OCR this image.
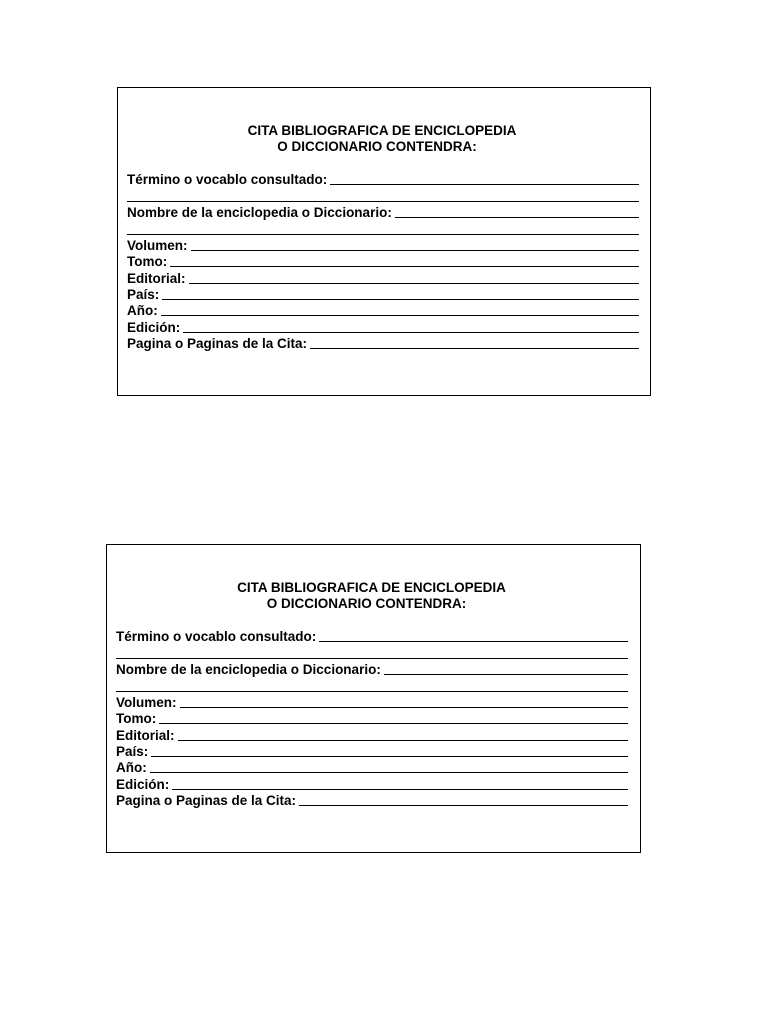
CITA BIBLIOGRAFICA DE ENCICLOPEDIA
O DICCIONARIO CONTENDRA:
Término o vocablo consultado:
Nombre de la enciclopedia o Diccionario:
Volumen:
Tomo:
Editorial:
País:
Año:
Edición:
Pagina o Paginas de la Cita:
CITA BIBLIOGRAFICA DE ENCICLOPEDIA
O DICCIONARIO CONTENDRA:
Término o vocablo consultado:
Nombre de la enciclopedia o Diccionario:
Volumen:
Tomo:
Editorial:
País:
Año:
Edición:
Pagina o Paginas de la Cita:
